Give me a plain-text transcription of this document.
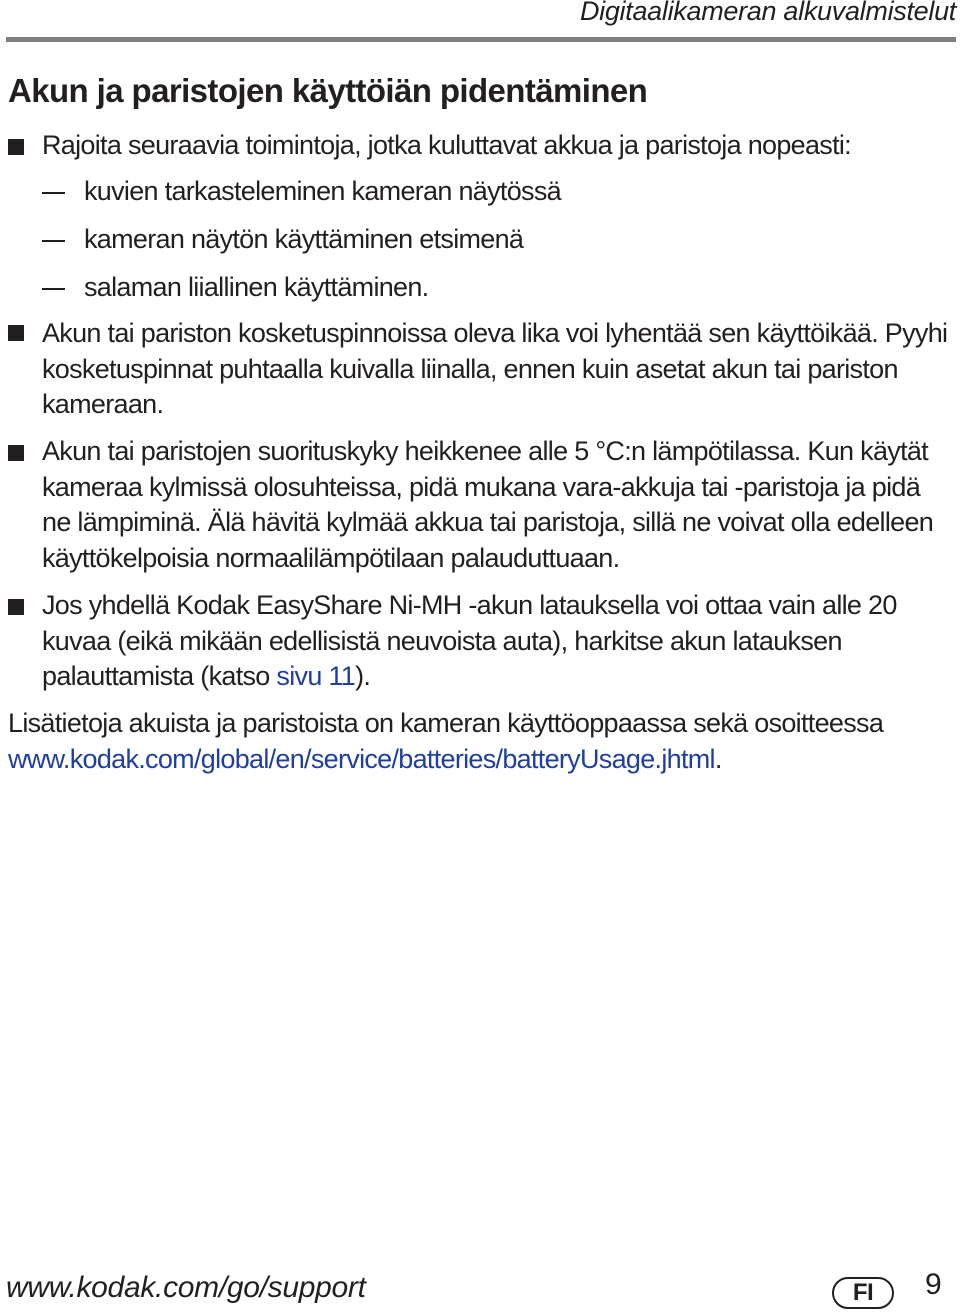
Digitaalikameran alkuvalmistelut
Akun ja paristojen käyttöiän pidentäminen
Rajoita seuraavia toimintoja, jotka kuluttavat akkua ja paristoja nopeasti:
kuvien tarkasteleminen kameran näytössä
kameran näytön käyttäminen etsimenä
salaman liiallinen käyttäminen.
Akun tai pariston kosketuspinnoissa oleva lika voi lyhentää sen käyttöikää. Pyyhi kosketuspinnat puhtaalla kuivalla liinalla, ennen kuin asetat akun tai pariston kameraan.
Akun tai paristojen suorituskyky heikkenee alle 5 °C:n lämpötilassa. Kun käytät kameraa kylmissä olosuhteissa, pidä mukana vara-akkuja tai -paristoja ja pidä ne lämpiminä. Älä hävitä kylmää akkua tai paristoja, sillä ne voivat olla edelleen käyttökelpoisia normaalilämpötilaan palauduttuaan.
Jos yhdellä Kodak EasyShare Ni-MH -akun latauksella voi ottaa vain alle 20 kuvaa (eikä mikään edellisistä neuvoista auta), harkitse akun latauksen palauttamista (katso sivu 11).
Lisätietoja akuista ja paristoista on kameran käyttöoppaassa sekä osoitteessa
www.kodak.com/global/en/service/batteries/batteryUsage.jhtml.
www.kodak.com/go/support	FI 9
